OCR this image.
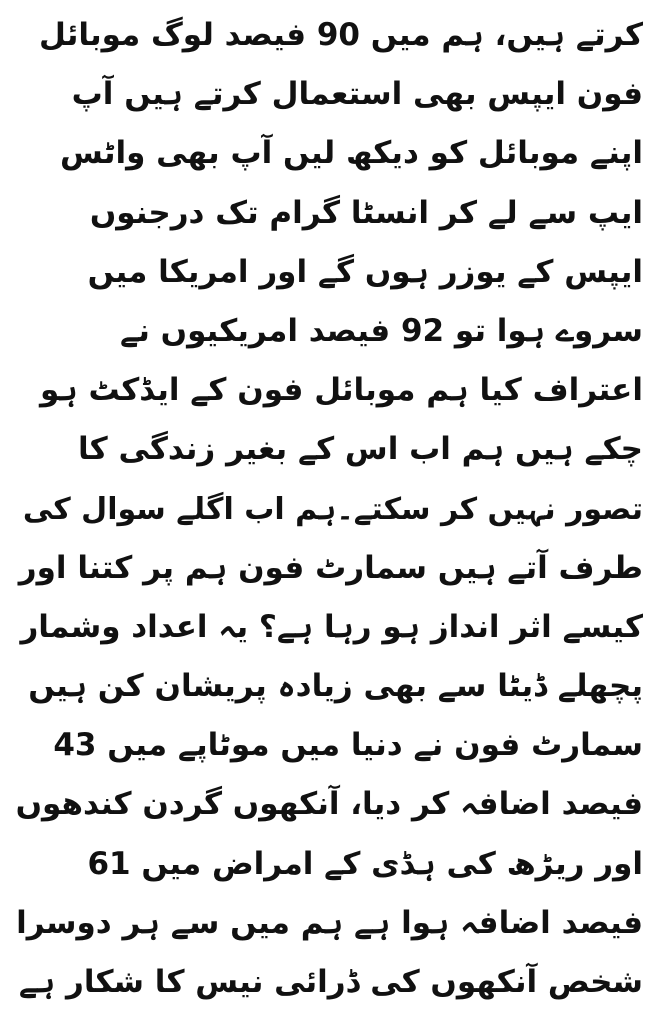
کرتے ہیں، ہم میں 90 فیصد لوگ موبائل
فون ایپس بھی استعمال کرتے ہیں آپ
اپنے موبائل کو دیکھ لیں آپ بھی واٹس
ایپ سے لے کر انسٹا گرام تک درجنوں
ایپس کے یوزر ہوں گے اور امریکا میں
سروے ہوا تو 92 فیصد امریکیوں نے
اعتراف کیا ہم موبائل فون کے ایڈکٹ ہو
چکے ہیں ہم اب اس کے بغیر زندگی کا
تصور نہیں کر سکتے۔ہم اب اگلے سوال کی
طرف آتے ہیں سمارٹ فون ہم پر کتنا اور
کیسے اثر انداز ہو رہا ہے؟ یہ اعداد وشمار
پچھلے ڈیٹا سے بھی زیادہ پریشان کن ہیں
سمارٹ فون نے دنیا میں موٹاپے میں 43
فیصد اضافہ کر دیا، آنکھوں گردن کندھوں
اور ریڑھ کی ہڈی کے امراض میں 61
فیصد اضافہ ہوا ہے ہم میں سے ہر دوسرا
شخص آنکھوں کی ڈرائی نیس کا شکار ہے
